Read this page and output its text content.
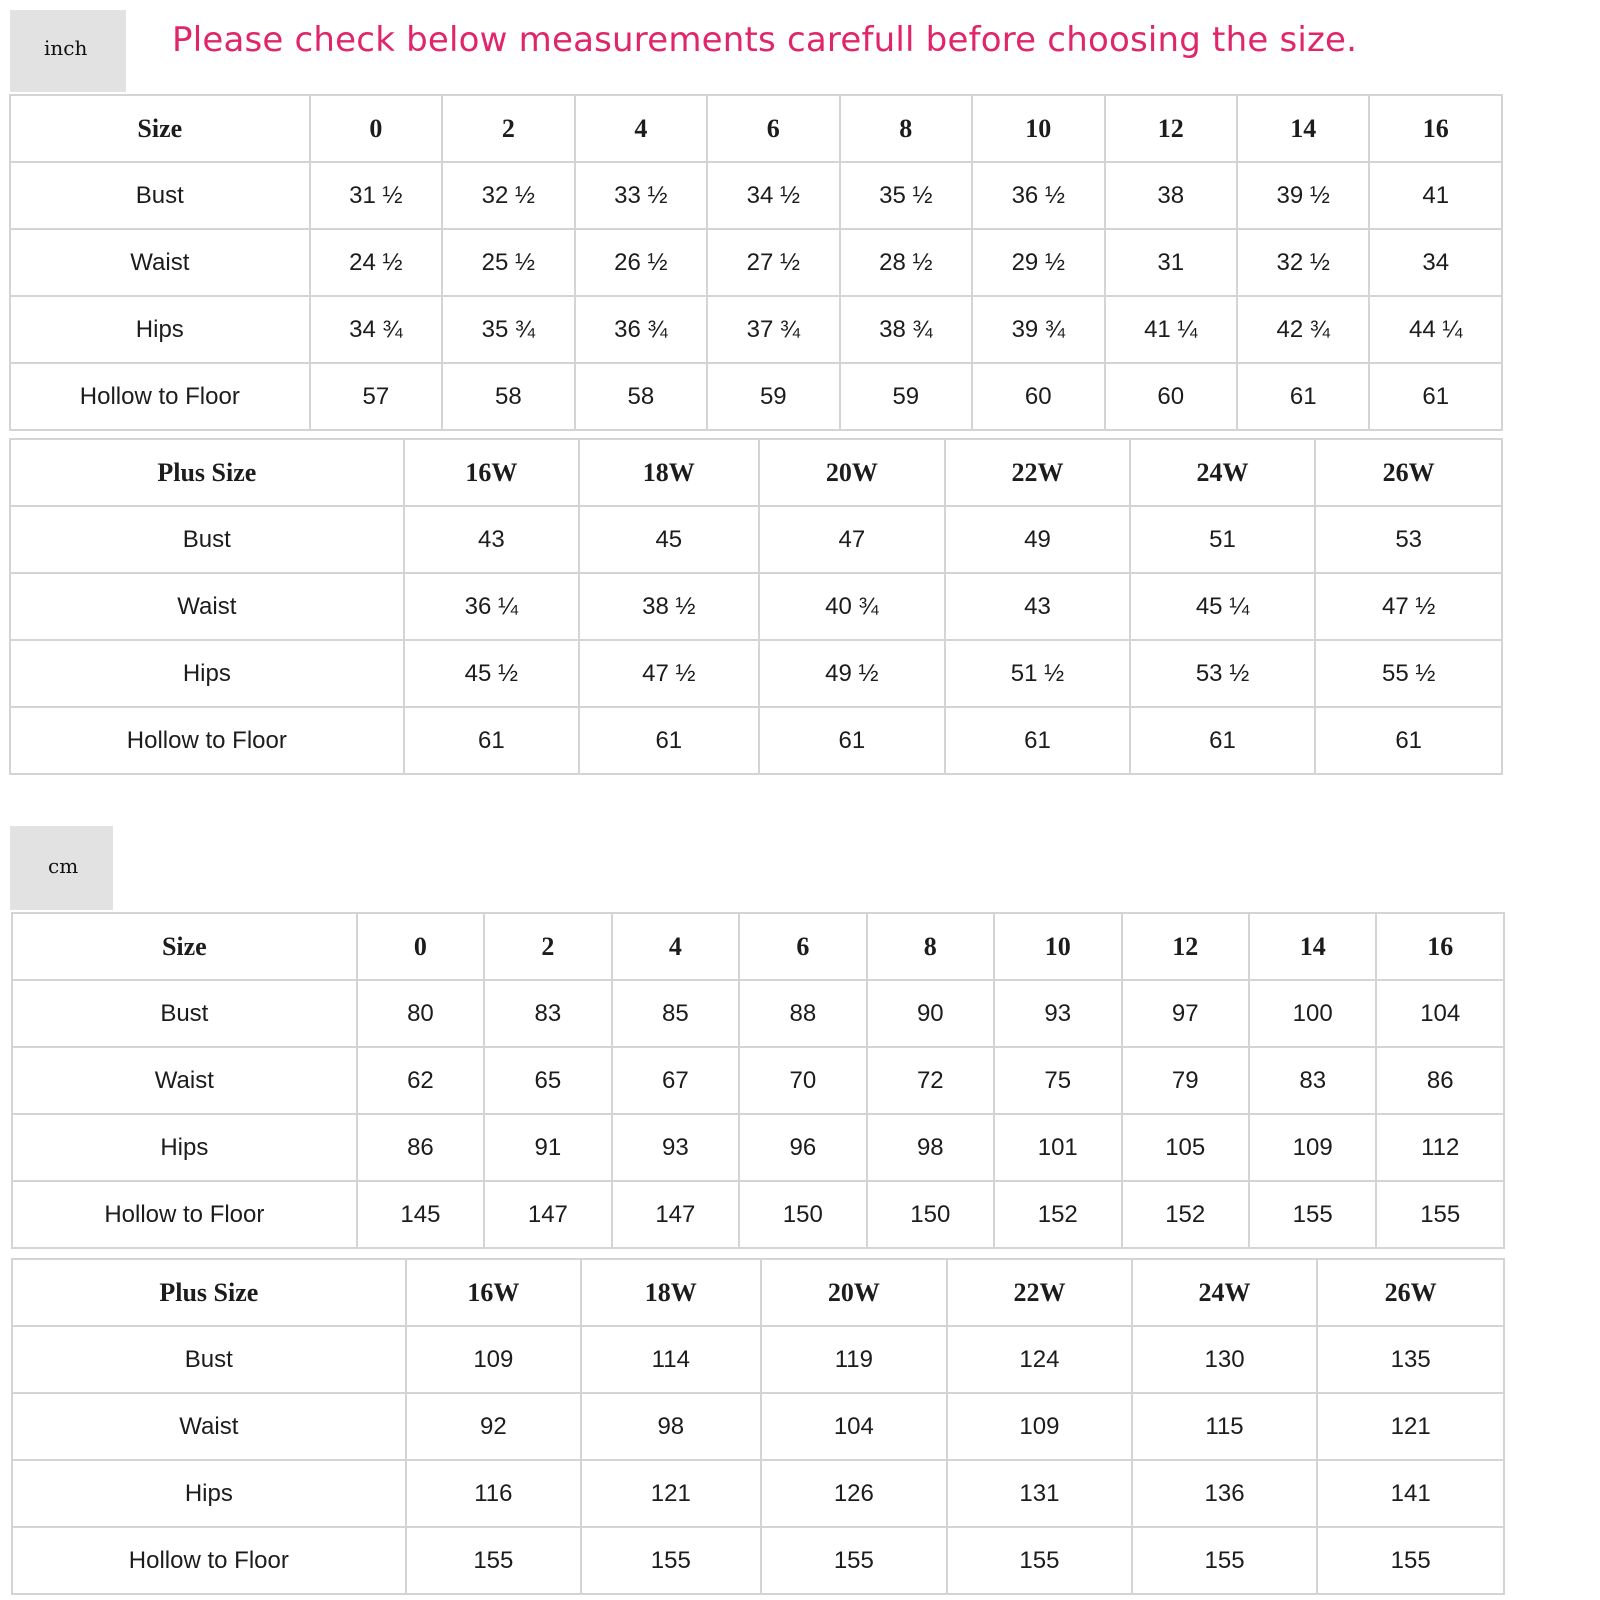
inch Please check below measurements carefull before choosing the size.
Size	0	2	4	6	8	10	12	14	16
Bust	31 ½	32 ½	33 ½	34 ½	35 ½	36 ½	38	39 ½	41
Waist	24 ½	25 ½	26 ½	27 ½	28 ½	29 ½	31	32 ½	34
Hips	34 ¾	35 ¾	36 ¾	37 ¾	38 ¾	39 ¾	41 ¼	42 ¾	44 ¼
Hollow to Floor	57	58	58	59	59	60	60	61	61
Plus Size	16W	18W	20W	22W	24W	26W
Bust	43	45	47	49	51	53
Waist	36 ¼	38 ½	40 ¾	43	45 ¼	47 ½
Hips	45 ½	47 ½	49 ½	51 ½	53 ½	55 ½
Hollow to Floor	61	61	61	61	61	61
cm
Size	0	2	4	6	8	10	12	14	16
Bust	80	83	85	88	90	93	97	100	104
Waist	62	65	67	70	72	75	79	83	86
Hips	86	91	93	96	98	101	105	109	112
Hollow to Floor	145	147	147	150	150	152	152	155	155
Plus Size	16W	18W	20W	22W	24W	26W
Bust	109	114	119	124	130	135
Waist	92	98	104	109	115	121
Hips	116	121	126	131	136	141
Hollow to Floor	155	155	155	155	155	155
